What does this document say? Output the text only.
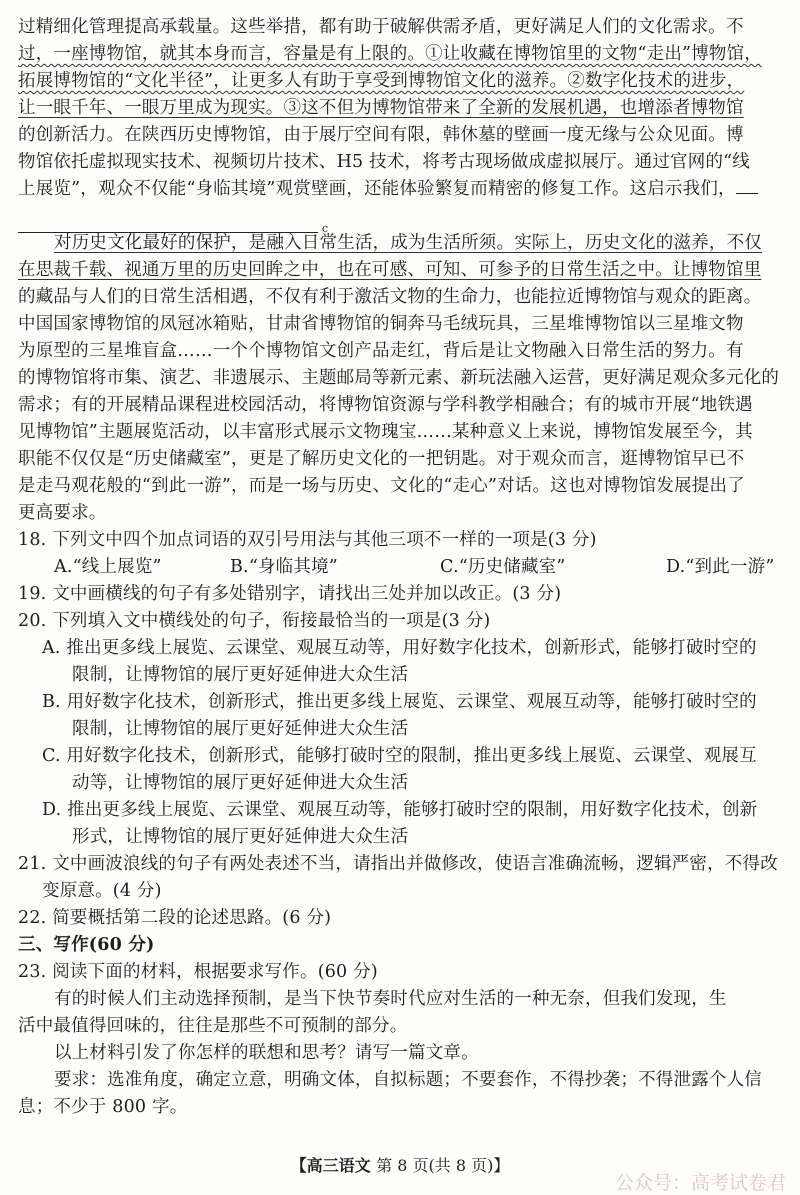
过精细化管理提高承载量。这些举措，都有助于破解供需矛盾，更好满足人们的文化需求。不

过，一座博物馆，就其本身而言，容量是有上限的。①让收藏在博物馆里的文物“走出”博物馆，

拓展博物馆的“文化半径”，让更多人有助于享受到博物馆文化的滋养。②数字化技术的进步，

让一眼千年、一眼万里成为现实。③这不但为博物馆带来了全新的发展机遇，也增添者博物馆

的创新活力。在陕西历史博物馆，由于展厅空间有限，韩休墓的壁画一度无缘与公众见面。博

物馆依托虚拟现实技术、视频切片技术、H5 技术，将考古现场做成虚拟展厅。通过官网的“线

上展览”，观众不仅能“身临其境”观赏壁画，还能体验繁复而精密的修复工作。这启示我们，

对历史文化最好的保护，是融入日常生活，成为生活所须。实际上，历史文化的滋养，不仅

在思裁千载、视通万里的历史回眸之中，也在可感、可知、可参予的日常生活之中。让博物馆里

的藏品与人们的日常生活相遇，不仅有利于激活文物的生命力，也能拉近博物馆与观众的距离。

中国国家博物馆的凤冠冰箱贴，甘肃省博物馆的铜奔马毛绒玩具，三星堆博物馆以三星堆文物

为原型的三星堆盲盒……一个个博物馆文创产品走红，背后是让文物融入日常生活的努力。有

的博物馆将市集、演艺、非遗展示、主题邮局等新元素、新玩法融入运营，更好满足观众多元化的

需求；有的开展精品课程进校园活动，将博物馆资源与学科教学相融合；有的城市开展“地铁遇

见博物馆”主题展览活动，以丰富形式展示文物瑰宝……某种意义上来说，博物馆发展至今，其

职能不仅仅是“历史储藏室”，更是了解历史文化的一把钥匙。对于观众而言，逛博物馆早已不

是走马观花般的“到此一游”，而是一场与历史、文化的“走心”对话。这也对博物馆发展提出了

更高要求。

18. 下列文中四个加点词语的双引号用法与其他三项不一样的一项是(3 分)

A.“线上展览”	B.“身临其境”	C.“历史储藏室”	D.“到此一游”

19. 文中画横线的句子有多处错别字，请找出三处并加以改正。(3 分)

20. 下列填入文中横线处的句子，衔接最恰当的一项是(3 分)

A. 推出更多线上展览、云课堂、观展互动等，用好数字化技术，创新形式，能够打破时空的

限制，让博物馆的展厅更好延伸进大众生活

B. 用好数字化技术，创新形式，推出更多线上展览、云课堂、观展互动等，能够打破时空的

限制，让博物馆的展厅更好延伸进大众生活

C. 用好数字化技术，创新形式，能够打破时空的限制，推出更多线上展览、云课堂、观展互

动等，让博物馆的展厅更好延伸进大众生活

D. 推出更多线上展览、云课堂、观展互动等，能够打破时空的限制，用好数字化技术，创新

形式，让博物馆的展厅更好延伸进大众生活

21. 文中画波浪线的句子有两处表述不当，请指出并做修改，使语言准确流畅，逻辑严密，不得改

变原意。(4 分)

22. 简要概括第二段的论述思路。(6 分)

三、写作(60 分)

23. 阅读下面的材料，根据要求写作。(60 分)

有的时候人们主动选择预制，是当下快节奏时代应对生活的一种无奈，但我们发现，生

活中最值得回味的，往往是那些不可预制的部分。

以上材料引发了你怎样的联想和思考？请写一篇文章。

要求：选准角度，确定立意，明确文体，自拟标题；不要套作，不得抄袭；不得泄露个人信

息；不少于 800 字。

c
【高三语文 第 8 页(共 8 页)】
公众号：高考试卷君
